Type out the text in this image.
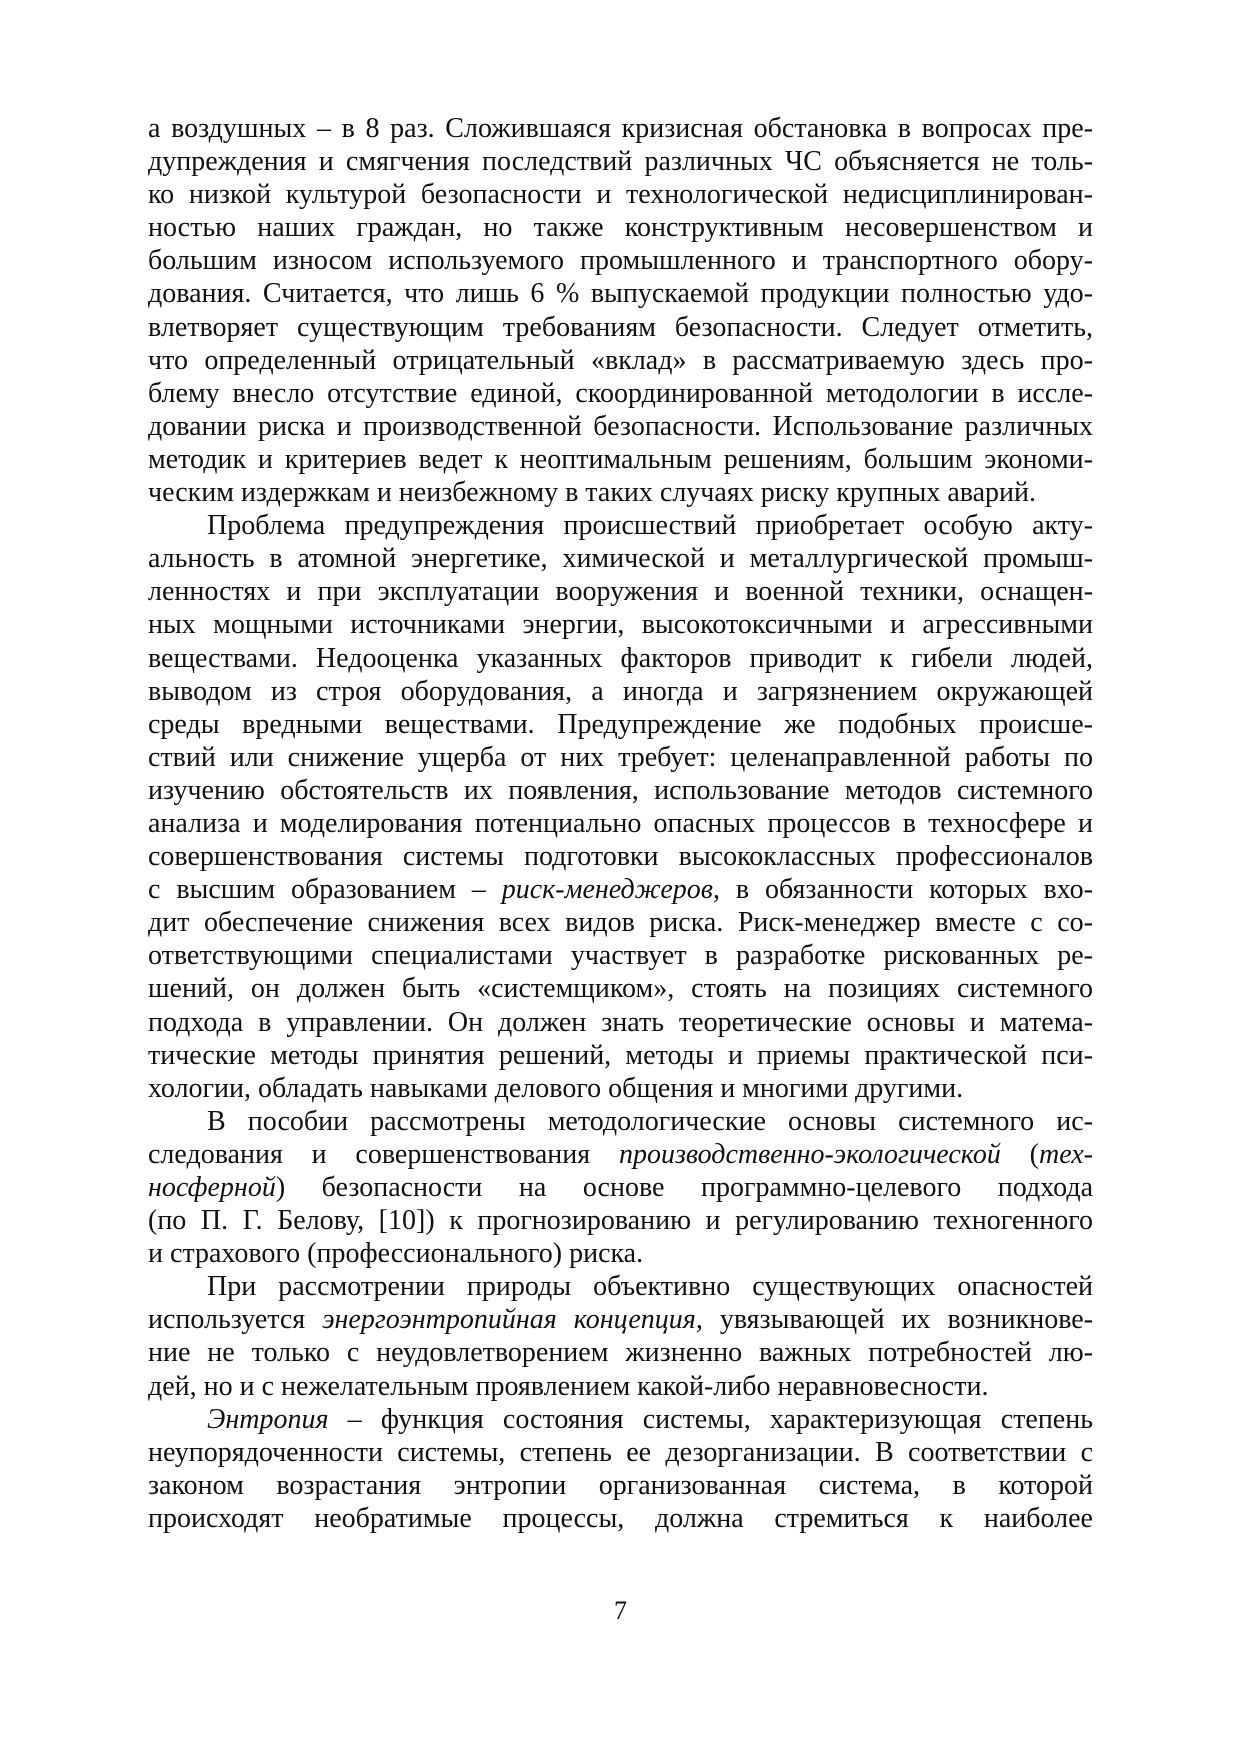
а воздушных – в 8 раз. Сложившаяся кризисная обстановка в вопросах пре-
дупреждения и смягчения последствий различных ЧС объясняется не толь-
ко низкой культурой безопасности и технологической недисциплинирован-
ностью наших граждан, но также конструктивным несовершенством и
большим износом используемого промышленного и транспортного обору-
дования. Считается, что лишь 6 % выпускаемой продукции полностью удо-
влетворяет существующим требованиям безопасности. Следует отметить,
что определенный отрицательный «вклад» в рассматриваемую здесь про-
блему внесло отсутствие единой, скоординированной методологии в иссле-
довании риска и производственной безопасности. Использование различных
методик и критериев ведет к неоптимальным решениям, большим экономи-
ческим издержкам и неизбежному в таких случаях риску крупных аварий.
Проблема предупреждения происшествий приобретает особую акту-
альность в атомной энергетике, химической и металлургической промыш-
ленностях и при эксплуатации вооружения и военной техники, оснащен-
ных мощными источниками энергии, высокотоксичными и агрессивными
веществами. Недооценка указанных факторов приводит к гибели людей,
выводом из строя оборудования, а иногда и загрязнением окружающей
среды вредными веществами. Предупреждение же подобных происше-
ствий или снижение ущерба от них требует: целенаправленной работы по
изучению обстоятельств их появления, использование методов системного
анализа и моделирования потенциально опасных процессов в техносфере и
совершенствования системы подготовки высококлассных профессионалов
с высшим образованием – риск-менеджеров, в обязанности которых вхо-
дит обеспечение снижения всех видов риска. Риск-менеджер вместе с со-
ответствующими специалистами участвует в разработке рискованных ре-
шений, он должен быть «системщиком», стоять на позициях системного
подхода в управлении. Он должен знать теоретические основы и матема-
тические методы принятия решений, методы и приемы практической пси-
хологии, обладать навыками делового общения и многими другими.
В пособии рассмотрены методологические основы системного ис-
следования и совершенствования производственно-экологической (тех-
носферной) безопасности на основе программно-целевого подхода
(по П. Г. Белову, [10]) к прогнозированию и регулированию техногенного
и страхового (профессионального) риска.
При рассмотрении природы объективно существующих опасностей
используется энергоэнтропийная концепция, увязывающей их возникнове-
ние не только с неудовлетворением жизненно важных потребностей лю-
дей, но и с нежелательным проявлением какой-либо неравновесности.
Энтропия – функция состояния системы, характеризующая степень
неупорядоченности системы, степень ее дезорганизации. В соответствии с
законом возрастания энтропии организованная система, в которой
происходят необратимые процессы, должна стремиться к наиболее
7
